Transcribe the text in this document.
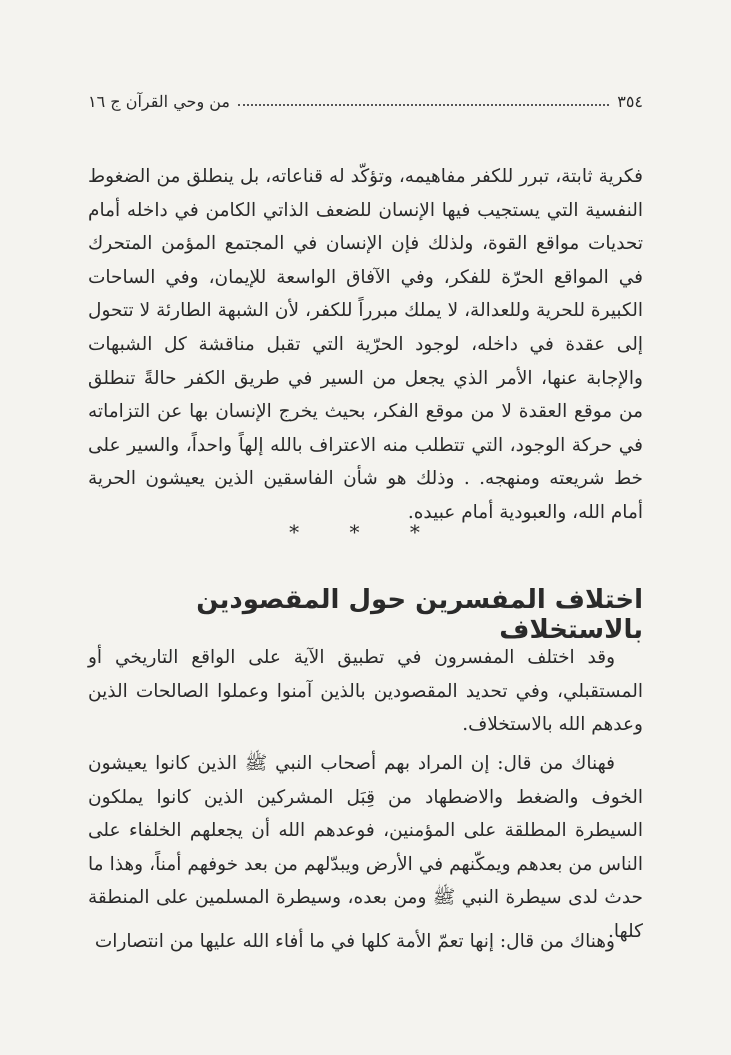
٣٥٤
من وحي القرآن ج ١٦
فكرية ثابتة، تبرر للكفر مفاهيمه، وتؤكّد له قناعاته، بل ينطلق من الضغوط النفسية التي يستجيب فيها الإنسان للضعف الذاتي الكامن في داخله أمام تحديات مواقع القوة، ولذلك فإن الإنسان في المجتمع المؤمن المتحرك في المواقع الحرّة للفكر، وفي الآفاق الواسعة للإيمان، وفي الساحات الكبيرة للحرية وللعدالة، لا يملك مبرراً للكفر، لأن الشبهة الطارئة لا تتحول إلى عقدة في داخله، لوجود الحرّية التي تقبل مناقشة كل الشبهات والإجابة عنها، الأمر الذي يجعل من السير في طريق الكفر حالةً تنطلق من موقع العقدة لا من موقع الفكر، بحيث يخرج الإنسان بها عن التزاماته في حركة الوجود، التي تتطلب منه الاعتراف بالله إلهاً واحداً، والسير على خط شريعته ومنهجه. . وذلك هو شأن الفاسقين الذين يعيشون الحرية أمام الله، والعبودية أمام عبيده.
* * *
اختلاف المفسرين حول المقصودين بالاستخلاف
وقد اختلف المفسرون في تطبيق الآية على الواقع التاريخي أو المستقبلي، وفي تحديد المقصودين بالذين آمنوا وعملوا الصالحات الذين وعدهم الله بالاستخلاف.
فهناك من قال: إن المراد بهم أصحاب النبي ﷺ الذين كانوا يعيشون الخوف والضغط والاضطهاد من قِبَل المشركين الذين كانوا يملكون السيطرة المطلقة على المؤمنين، فوعدهم الله أن يجعلهم الخلفاء على الناس من بعدهم ويمكّنهم في الأرض ويبدّلهم من بعد خوفهم أمناً، وهذا ما حدث لدى سيطرة النبي ﷺ ومن بعده، وسيطرة المسلمين على المنطقة كلها.
وهناك من قال: إنها تعمّ الأمة كلها في ما أفاء الله عليها من انتصارات
